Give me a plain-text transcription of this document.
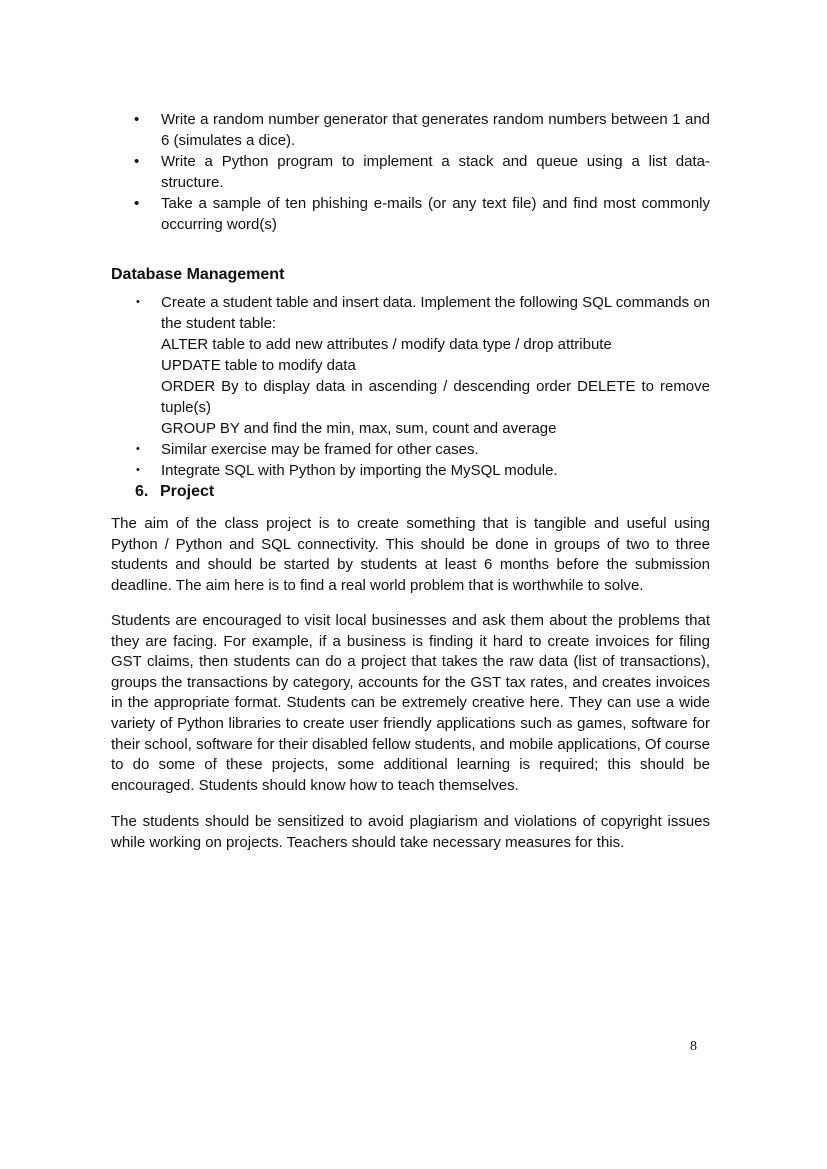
• Write a random number generator that generates random numbers between 1 and 6 (simulates a dice).
• Write a Python program to implement a stack and queue using a list data-structure.
• Take a sample of ten phishing e-mails (or any text file) and find most commonly occurring word(s)
Database Management
• Create a student table and insert data. Implement the following SQL commands on the student table:
ALTER table to add new attributes / modify data type / drop attribute
UPDATE table to modify data
ORDER By to display data in ascending / descending order DELETE to remove tuple(s)
GROUP BY and find the min, max, sum, count and average
• Similar exercise may be framed for other cases.
• Integrate SQL with Python by importing the MySQL module.
6. Project

The aim of the class project is to create something that is tangible and useful using Python / Python and SQL connectivity. This should be done in groups of two to three students and should be started by students at least 6 months before the submission deadline. The aim here is to find a real world problem that is worthwhile to solve.

Students are encouraged to visit local businesses and ask them about the problems that they are facing. For example, if a business is finding it hard to create invoices for filing GST claims, then students can do a project that takes the raw data (list of transactions), groups the transactions by category, accounts for the GST tax rates, and creates invoices in the appropriate format. Students can be extremely creative here. They can use a wide variety of Python libraries to create user friendly applications such as games, software for their school, software for their disabled fellow students, and mobile applications, Of course to do some of these projects, some additional learning is required; this should be encouraged. Students should know how to teach themselves.

The students should be sensitized to avoid plagiarism and violations of copyright issues while working on projects. Teachers should take necessary measures for this.

8
